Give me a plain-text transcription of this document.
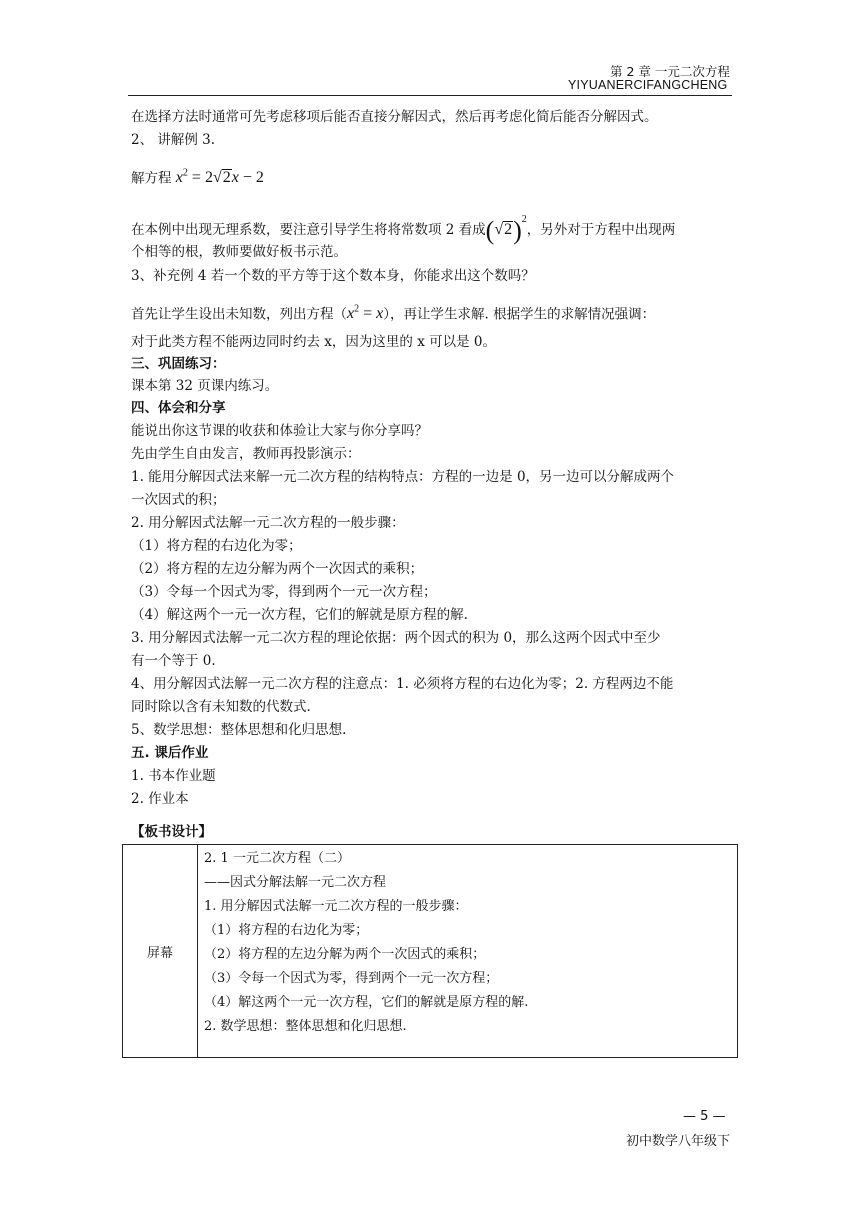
第 2 章 一元二次方程
YIYUANERCIFANGCHENG
在选择方法时通常可先考虑移项后能否直接分解因式，然后再考虑化简后能否分解因式。
2、 讲解例 3.
解方程 $x^2 = 2√2x - 2$
在本例中出现无理系数，要注意引导学生将将常数项 2 看成$(√2)^2$，另外对于方程中出现两
个相等的根，教师要做好板书示范。
3、补充例 4 若一个数的平方等于这个数本身，你能求出这个数吗？
首先让学生设出未知数，列出方程$(x^2 = x)$，再让学生求解. 根据学生的求解情况强调：
对于此类方程不能两边同时约去 x，因为这里的 x 可以是 0。
三、巩固练习：
课本第 32 页课内练习。
四、体会和分享
能说出你这节课的收获和体验让大家与你分享吗？
先由学生自由发言，教师再投影演示：
1. 能用分解因式法来解一元二次方程的结构特点：方程的一边是 0，另一边可以分解成两个
一次因式的积；
2. 用分解因式法解一元二次方程的一般步骤：
（1）将方程的右边化为零；
（2）将方程的左边分解为两个一次因式的乘积；
（3）令每一个因式为零，得到两个一元一次方程；
（4）解这两个一元一次方程，它们的解就是原方程的解.
3. 用分解因式法解一元二次方程的理论依据：两个因式的积为 0，那么这两个因式中至少
有一个等于 0.
4、用分解因式法解一元二次方程的注意点：1. 必须将方程的右边化为零；2. 方程两边不能
同时除以含有未知数的代数式.
5、数学思想：整体思想和化归思想.
五. 课后作业
1. 书本作业题
2. 作业本
【板书设计】
屏幕	
2. 1 一元二次方程（二）
——因式分解法解一元二次方程
1. 用分解因式法解一元二次方程的一般步骤：
（1）将方程的右边化为零；
（2）将方程的左边分解为两个一次因式的乘积；
（3）令每一个因式为零，得到两个一元一次方程；
（4）解这两个一元一次方程，它们的解就是原方程的解.
2. 数学思想：整体思想和化归思想.
— 5 —
初中数学八年级下
